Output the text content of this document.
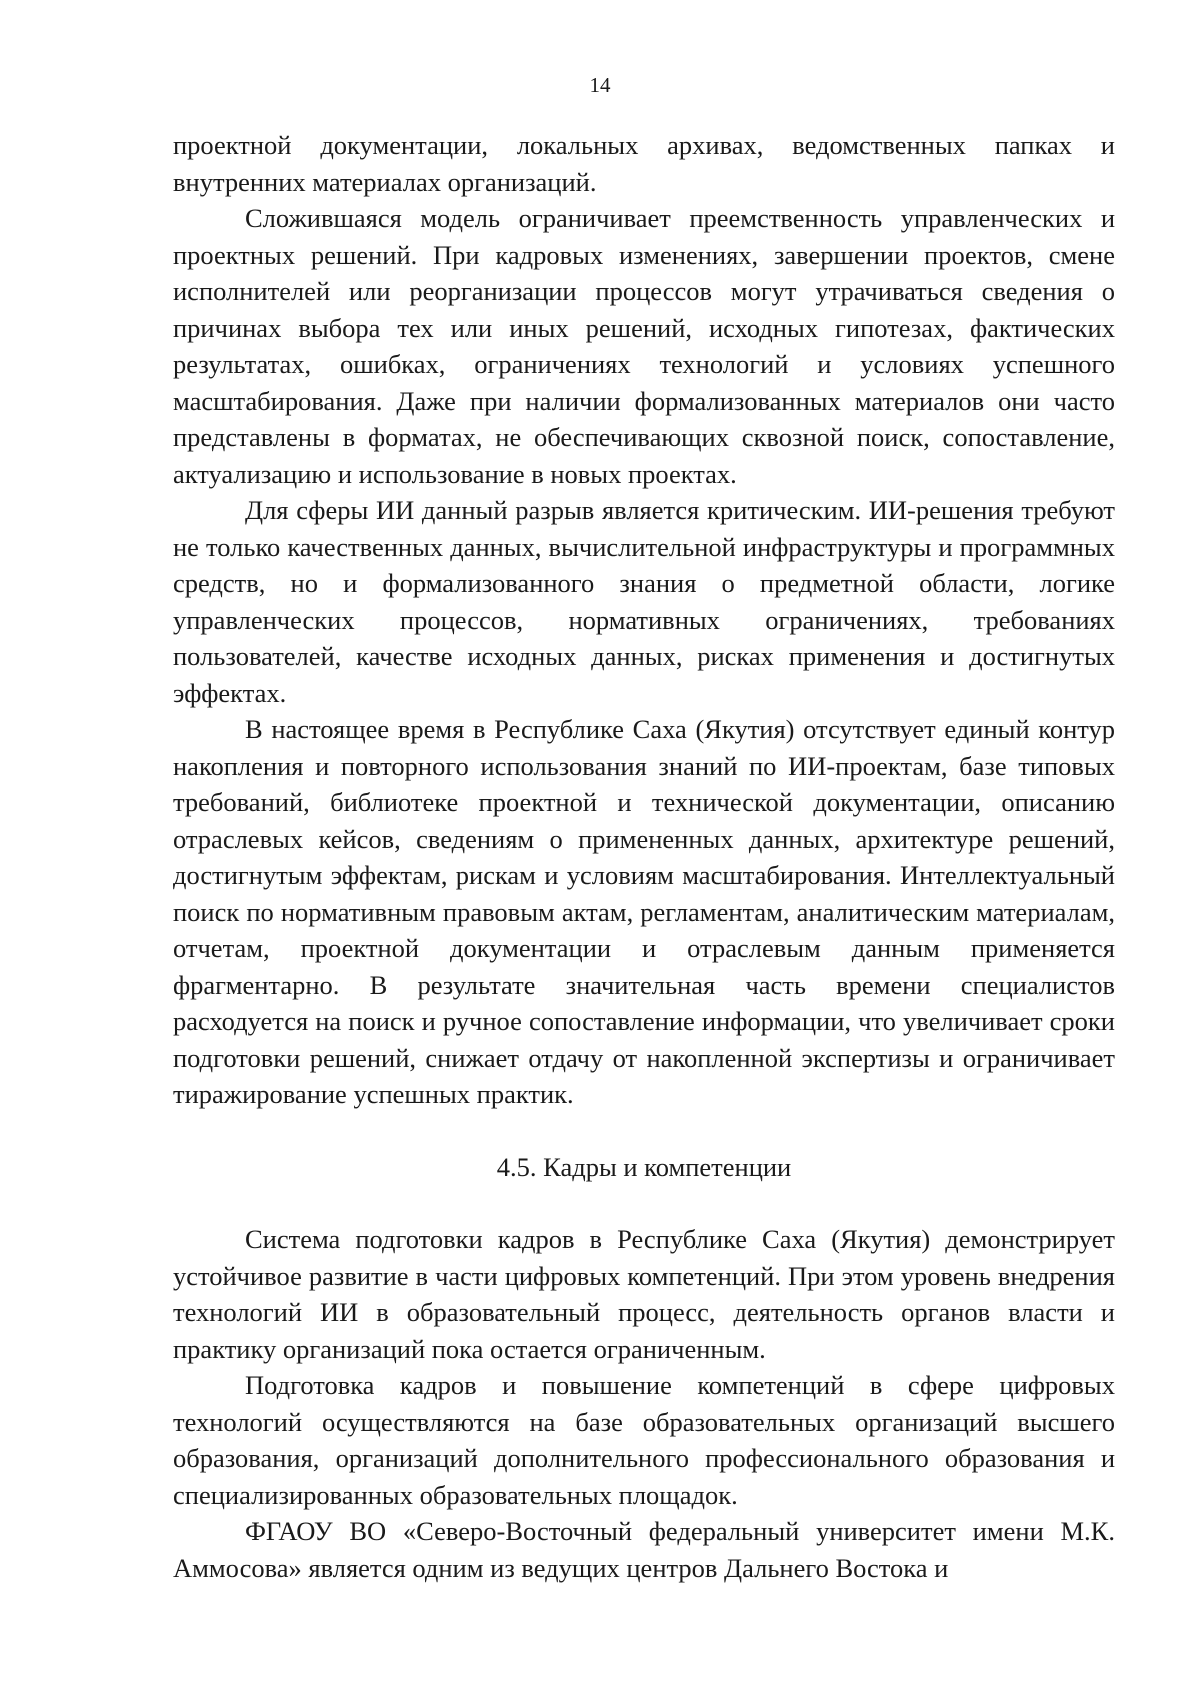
14

проектной документации, локальных архивах, ведомственных папках и внутренних материалах организаций.

Сложившаяся модель ограничивает преемственность управленческих и проектных решений. При кадровых изменениях, завершении проектов, смене исполнителей или реорганизации процессов могут утрачиваться сведения о причинах выбора тех или иных решений, исходных гипотезах, фактических результатах, ошибках, ограничениях технологий и условиях успешного масштабирования. Даже при наличии формализованных материалов они часто представлены в форматах, не обеспечивающих сквозной поиск, сопоставление, актуализацию и использование в новых проектах.

Для сферы ИИ данный разрыв является критическим. ИИ-решения требуют не только качественных данных, вычислительной инфраструктуры и программных средств, но и формализованного знания о предметной области, логике управленческих процессов, нормативных ограничениях, требованиях пользователей, качестве исходных данных, рисках применения и достигнутых эффектах.

В настоящее время в Республике Саха (Якутия) отсутствует единый контур накопления и повторного использования знаний по ИИ-проектам, базе типовых требований, библиотеке проектной и технической документации, описанию отраслевых кейсов, сведениям о примененных данных, архитектуре решений, достигнутым эффектам, рискам и условиям масштабирования. Интеллектуальный поиск по нормативным правовым актам, регламентам, аналитическим материалам, отчетам, проектной документации и отраслевым данным применяется фрагментарно. В результате значительная часть времени специалистов расходуется на поиск и ручное сопоставление информации, что увеличивает сроки подготовки решений, снижает отдачу от накопленной экспертизы и ограничивает тиражирование успешных практик.

4.5. Кадры и компетенции

Система подготовки кадров в Республике Саха (Якутия) демонстрирует устойчивое развитие в части цифровых компетенций. При этом уровень внедрения технологий ИИ в образовательный процесс, деятельность органов власти и практику организаций пока остается ограниченным.

Подготовка кадров и повышение компетенций в сфере цифровых технологий осуществляются на базе образовательных организаций высшего образования, организаций дополнительного профессионального образования и специализированных образовательных площадок.

ФГАОУ ВО «Северо-Восточный федеральный университет имени М.К. Аммосова» является одним из ведущих центров Дальнего Востока и
